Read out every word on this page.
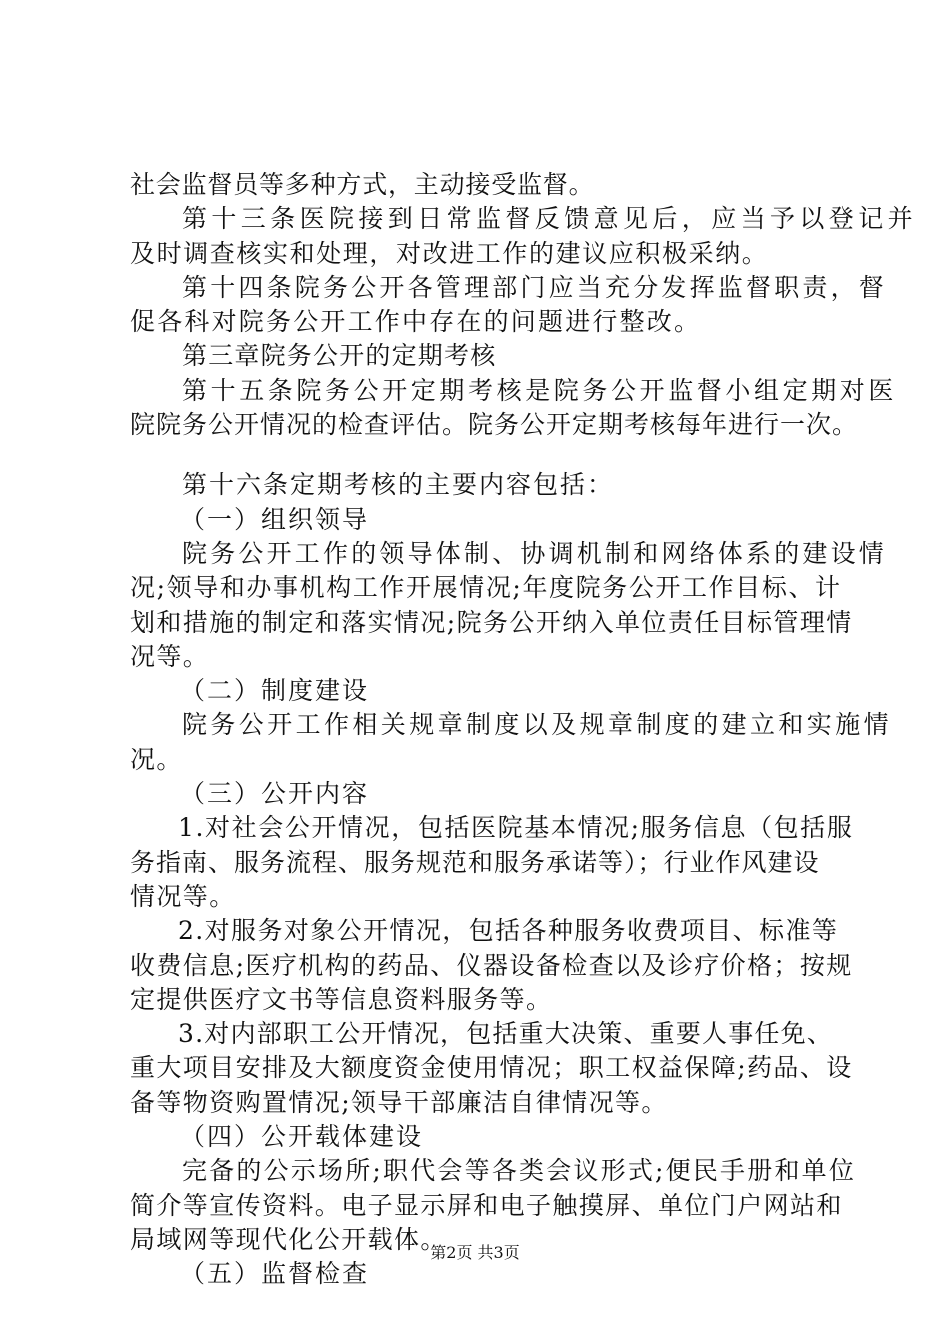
社会监督员等多种方式，主动接受监督。
第十三条医院接到日常监督反馈意见后，应当予以登记并
及时调查核实和处理，对改进工作的建议应积极采纳。
第十四条院务公开各管理部门应当充分发挥监督职责，督
促各科对院务公开工作中存在的问题进行整改。
第三章院务公开的定期考核
第十五条院务公开定期考核是院务公开监督小组定期对医
院院务公开情况的检查评估。院务公开定期考核每年进行一次。
第十六条定期考核的主要内容包括：
（一）组织领导
院务公开工作的领导体制、协调机制和网络体系的建设情
况;领导和办事机构工作开展情况;年度院务公开工作目标、计
划和措施的制定和落实情况;院务公开纳入单位责任目标管理情
况等。
（二）制度建设
院务公开工作相关规章制度以及规章制度的建立和实施情
况。
（三）公开内容
1.对社会公开情况，包括医院基本情况;服务信息（包括服
务指南、服务流程、服务规范和服务承诺等）；行业作风建设
情况等。
2.对服务对象公开情况，包括各种服务收费项目、标准等
收费信息;医疗机构的药品、仪器设备检查以及诊疗价格；按规
定提供医疗文书等信息资料服务等。
3.对内部职工公开情况，包括重大决策、重要人事任免、
重大项目安排及大额度资金使用情况；职工权益保障;药品、设
备等物资购置情况;领导干部廉洁自律情况等。
（四）公开载体建设
完备的公示场所;职代会等各类会议形式;便民手册和单位
简介等宣传资料。电子显示屏和电子触摸屏、单位门户网站和
局域网等现代化公开载体。
（五）监督检查
第2页 共3页
